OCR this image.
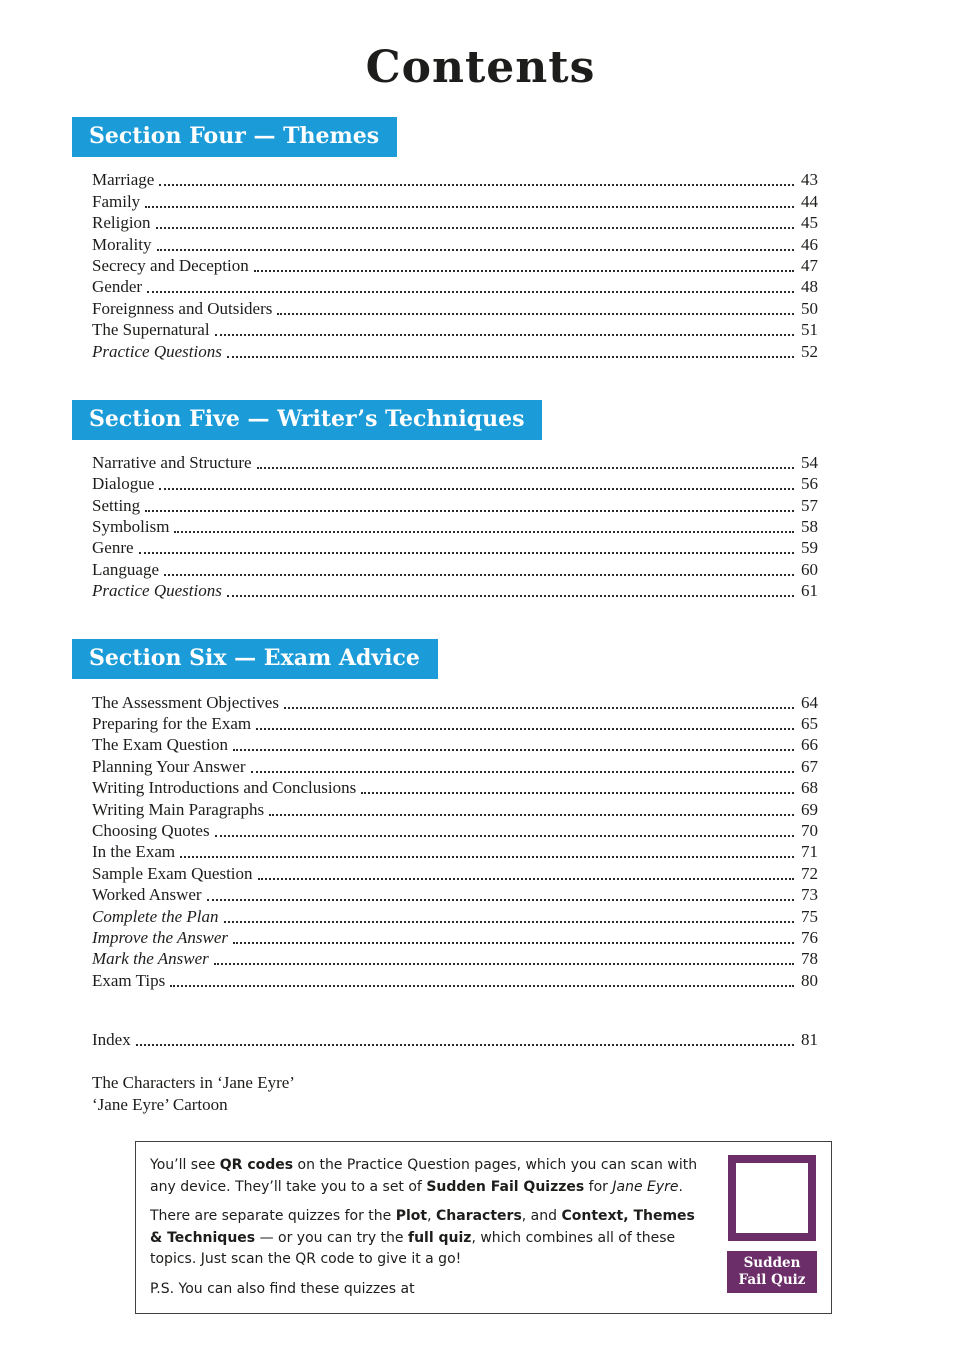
Contents
Section Four — Themes
Marriage	43
Family	44
Religion	45
Morality	46
Secrecy and Deception	47
Gender	48
Foreignness and Outsiders	50
The Supernatural	51
Practice Questions	52
Section Five — Writer’s Techniques
Narrative and Structure	54
Dialogue	56
Setting	57
Symbolism	58
Genre	59
Language	60
Practice Questions	61
Section Six — Exam Advice
The Assessment Objectives	64
Preparing for the Exam	65
The Exam Question	66
Planning Your Answer	67
Writing Introductions and Conclusions	68
Writing Main Paragraphs	69
Choosing Quotes	70
In the Exam	71
Sample Exam Question	72
Worked Answer	73
Complete the Plan	75
Improve the Answer	76
Mark the Answer	78
Exam Tips	80
Index	81
The Characters in ‘Jane Eyre’
‘Jane Eyre’ Cartoon

You’ll see QR codes on the Practice Question pages, which you can scan with any device. They’ll take you to a set of Sudden Fail Quizzes for Jane Eyre.

There are separate quizzes for the Plot, Characters, and Context, Themes & Techniques — or you can try the full quiz, which combines all of these topics. Just scan the QR code to give it a go!

P.S. You can also find these quizzes at

Sudden
Fail Quiz
